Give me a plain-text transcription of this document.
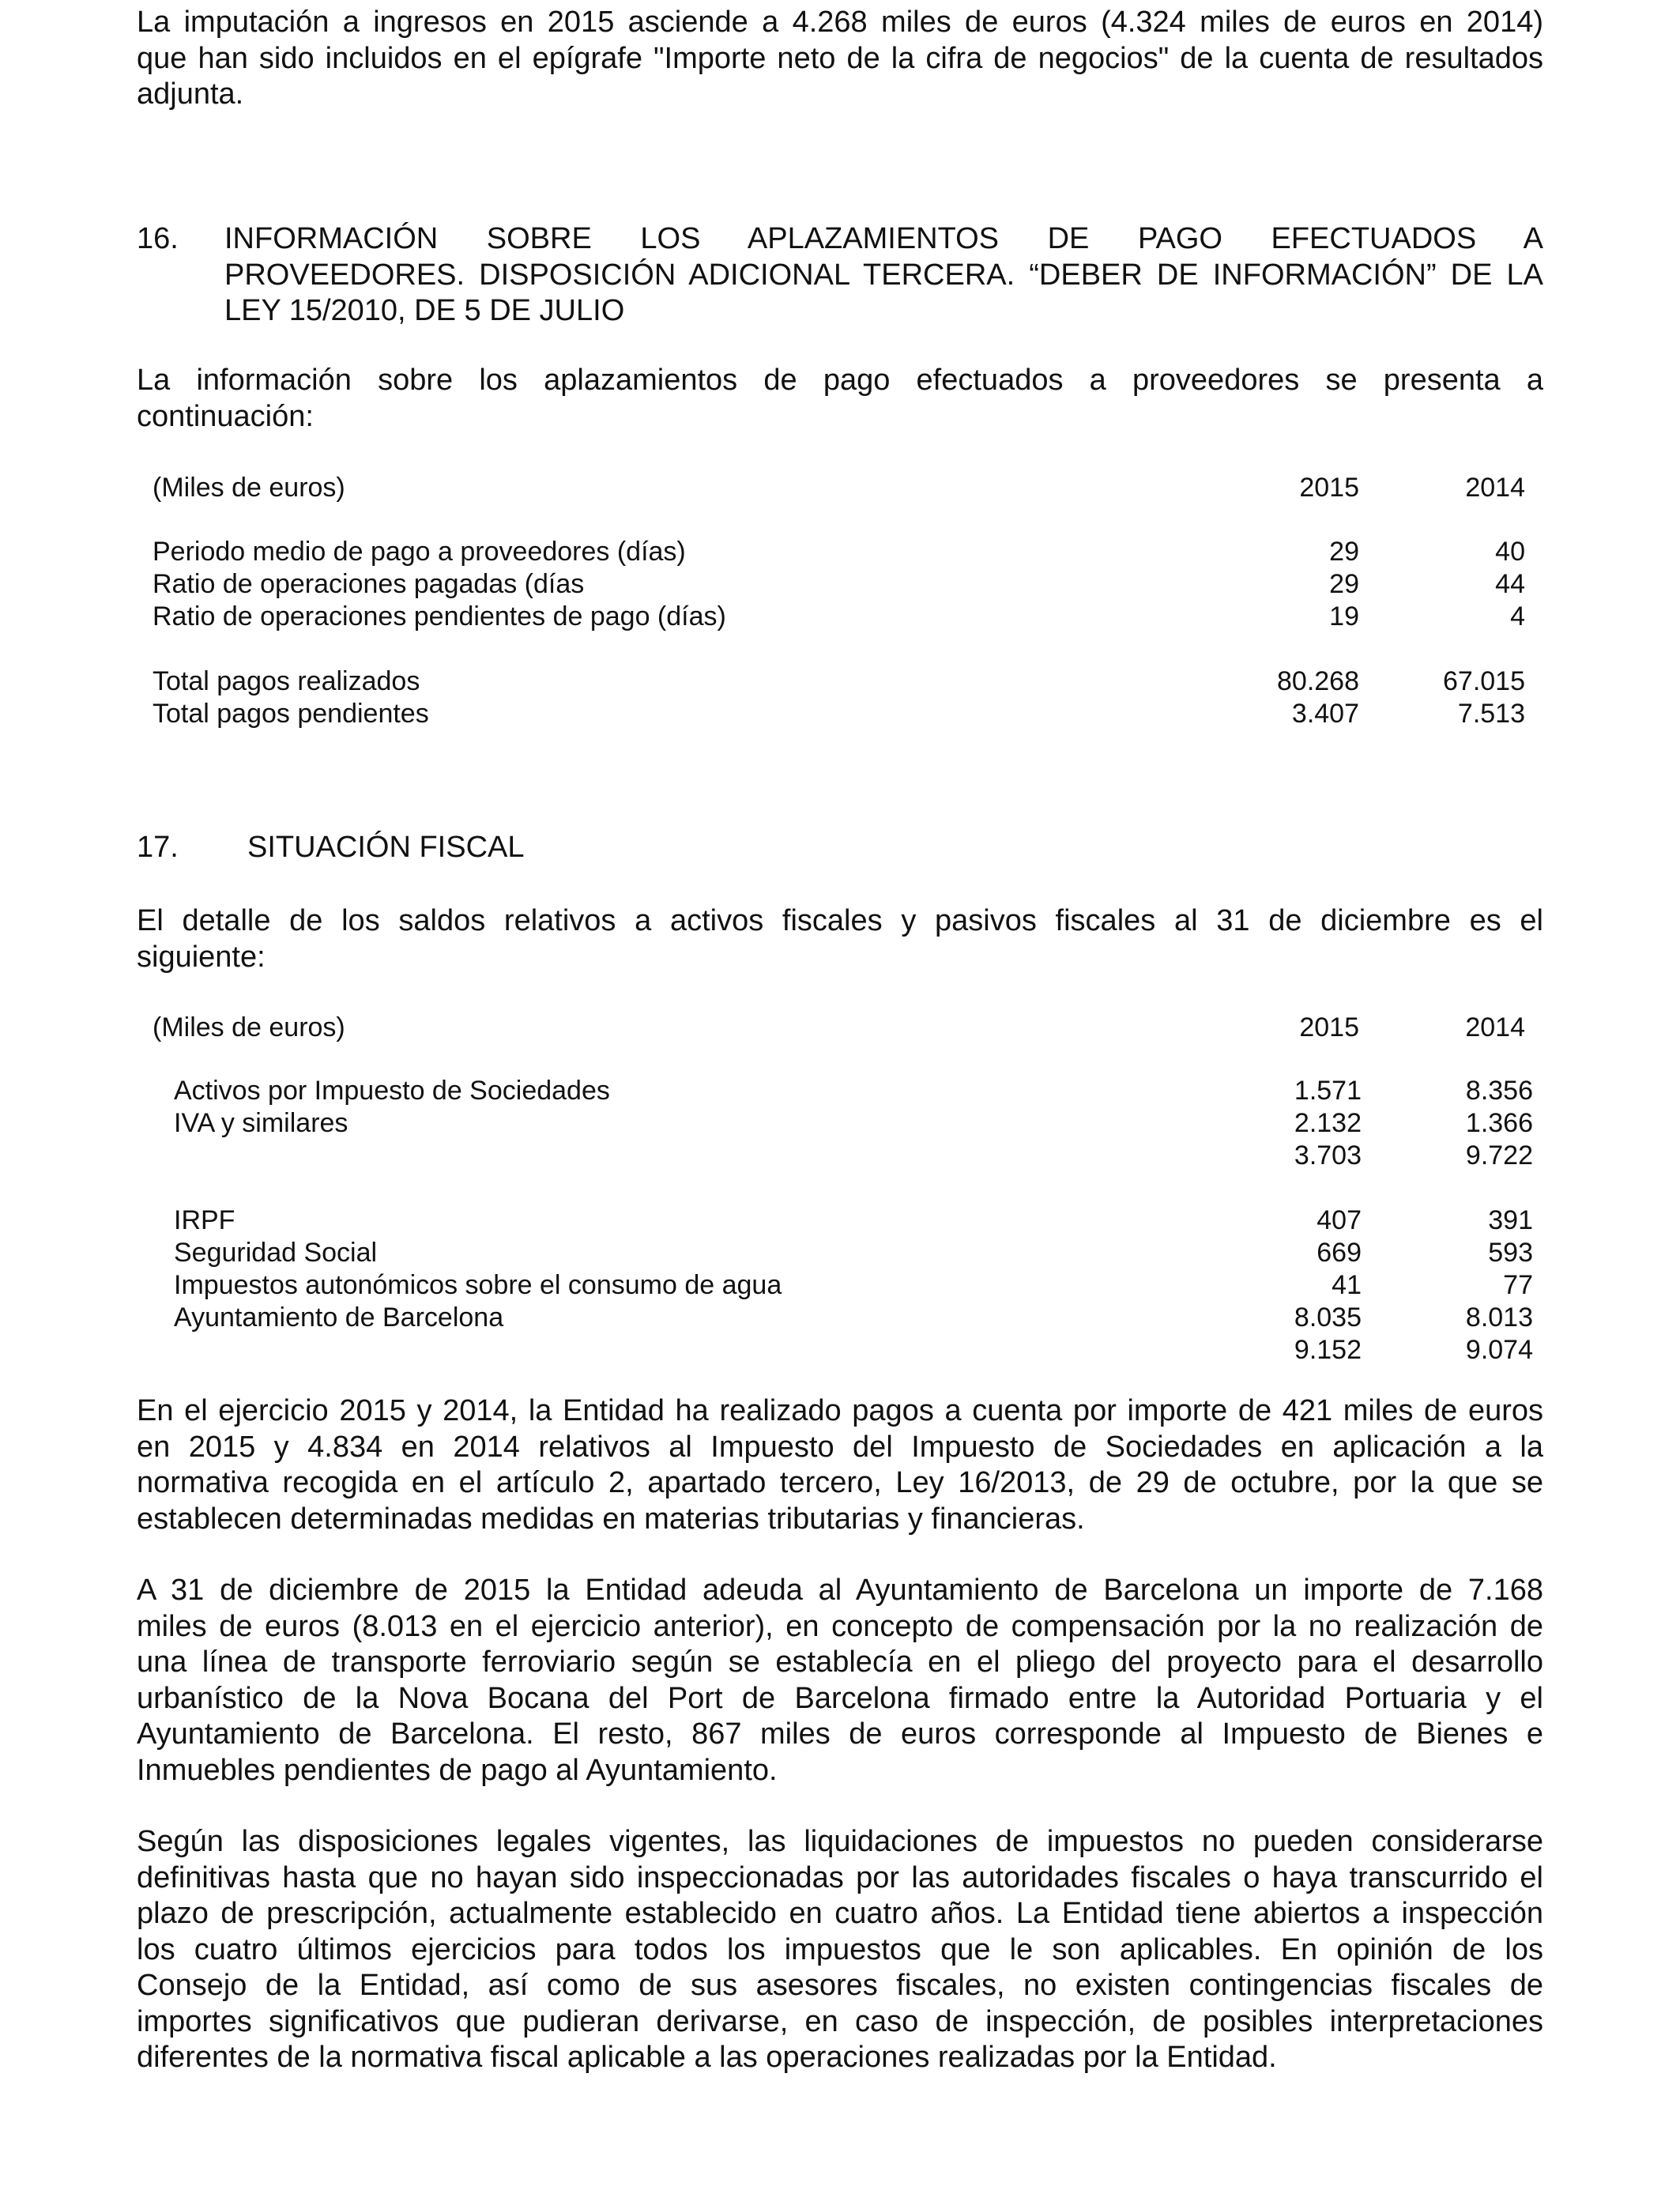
La imputación a ingresos en 2015 asciende a 4.268 miles de euros (4.324 miles de euros en 2014)
que han sido incluidos en el epígrafe "Importe neto de la cifra de negocios" de la cuenta de resultados
adjunta.
16. INFORMACIÓN SOBRE LOS APLAZAMIENTOS DE PAGO EFECTUADOS A
PROVEEDORES. DISPOSICIÓN ADICIONAL TERCERA. “DEBER DE INFORMACIÓN” DE LA
LEY 15/2010, DE 5 DE JULIO
La información sobre los aplazamientos de pago efectuados a proveedores se presenta a
continuación:
(Miles de euros)	2015	2014
Periodo medio de pago a proveedores (días)	29	40
Ratio de operaciones pagadas (días	29	44
Ratio de operaciones pendientes de pago (días)	19	4
Total pagos realizados	80.268	67.015
Total pagos pendientes	3.407	7.513
17. SITUACIÓN FISCAL
El detalle de los saldos relativos a activos fiscales y pasivos fiscales al 31 de diciembre es el
siguiente:
(Miles de euros)	2015	2014
Activos por Impuesto de Sociedades	1.571	8.356
IVA y similares	2.132	1.366
3.703	9.722
IRPF	407	391
Seguridad Social	669	593
Impuestos autonómicos sobre el consumo de agua	41	77
Ayuntamiento de Barcelona	8.035	8.013
9.152	9.074
En el ejercicio 2015 y 2014, la Entidad ha realizado pagos a cuenta por importe de 421 miles de euros
en 2015 y 4.834 en 2014 relativos al Impuesto del Impuesto de Sociedades en aplicación a la
normativa recogida en el artículo 2, apartado tercero, Ley 16/2013, de 29 de octubre, por la que se
establecen determinadas medidas en materias tributarias y financieras.
A 31 de diciembre de 2015 la Entidad adeuda al Ayuntamiento de Barcelona un importe de 7.168
miles de euros (8.013 en el ejercicio anterior), en concepto de compensación por la no realización de
una línea de transporte ferroviario según se establecía en el pliego del proyecto para el desarrollo
urbanístico de la Nova Bocana del Port de Barcelona firmado entre la Autoridad Portuaria y el
Ayuntamiento de Barcelona. El resto, 867 miles de euros corresponde al Impuesto de Bienes e
Inmuebles pendientes de pago al Ayuntamiento.
Según las disposiciones legales vigentes, las liquidaciones de impuestos no pueden considerarse
definitivas hasta que no hayan sido inspeccionadas por las autoridades fiscales o haya transcurrido el
plazo de prescripción, actualmente establecido en cuatro años. La Entidad tiene abiertos a inspección
los cuatro últimos ejercicios para todos los impuestos que le son aplicables. En opinión de los
Consejo de la Entidad, así como de sus asesores fiscales, no existen contingencias fiscales de
importes significativos que pudieran derivarse, en caso de inspección, de posibles interpretaciones
diferentes de la normativa fiscal aplicable a las operaciones realizadas por la Entidad.
